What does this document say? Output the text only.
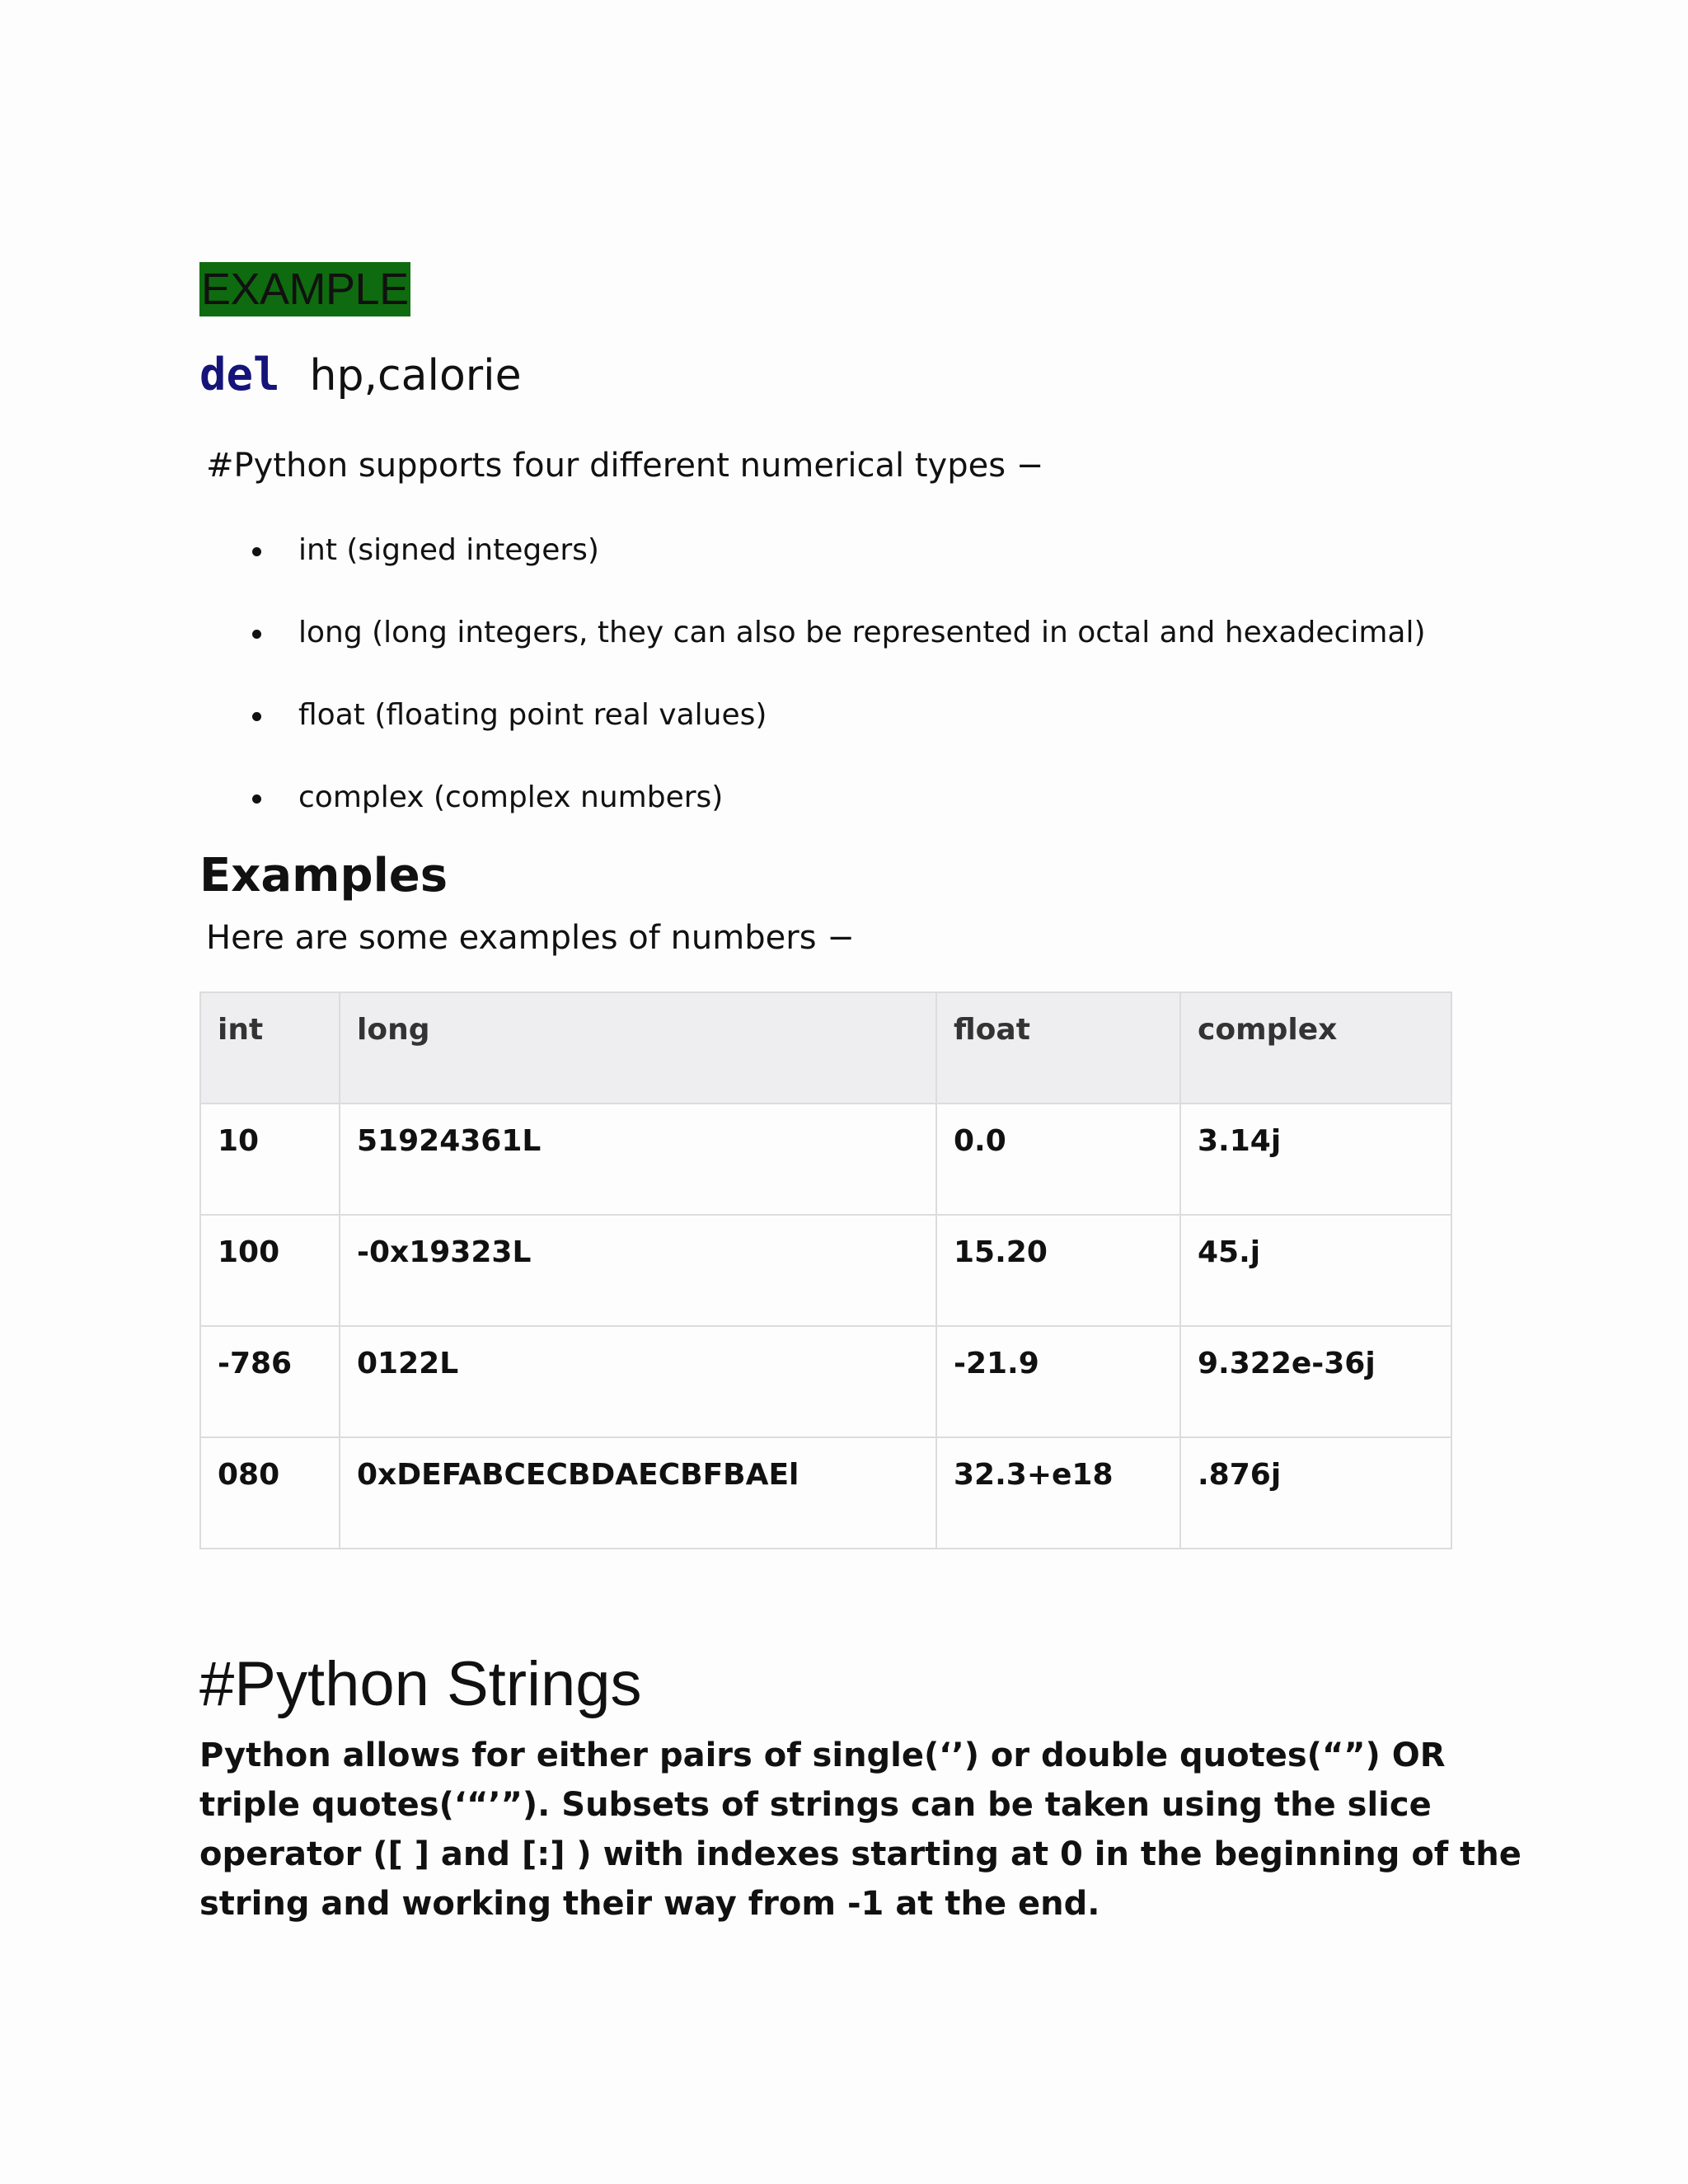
EXAMPLE
del hp,calorie
#Python supports four different numerical types −
int (signed integers)
long (long integers, they can also be represented in octal and hexadecimal)
float (floating point real values)
complex (complex numbers)
Examples
Here are some examples of numbers −
int	long	float	complex
10	51924361L	0.0	3.14j
100	-0x19323L	15.20	45.j
-786	0122L	-21.9	9.322e-36j
080	0xDEFABCECBDAECBFBAEl	32.3+e18	.876j
#Python Strings

Python allows for either pairs of single(‘’) or double quotes(“”) OR
triple quotes(‘“’”). Subsets of strings can be taken using the slice
operator ([ ] and [:] ) with indexes starting at 0 in the beginning of the
string and working their way from -1 at the end.
